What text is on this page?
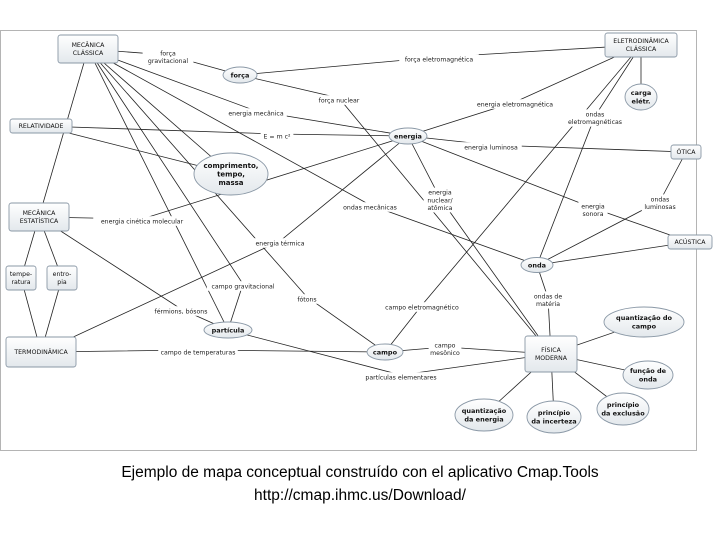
força
gravitacional	força eletromagnética
força nuclear
energia eletromagnética
energia mecânica	ondas
eletromagnéticas
E = m c²
energia luminosa
energia
nuclear/
atômica
ondas mecânicas	energia
sonora
ondas
luminosas
energia cinética molecular
energia térmica
campo gravitacional
fótons	ondas de
matéria
férmions, bósons
campo eletromagnético
campo de temperaturas
campo
mesônico
partículas elementares
MECÂNICA
CLÁSSICA
ELETRODINÂMICA
CLÁSSICA
força
RELATIVIDADE
energia
carga
elétr.
ÓTICA
comprimento,
tempo,
massa
MECÂNICA
ESTATÍSTICA
ACÚSTICA
tempe-
ratura
entro-
pia
onda
partícula
TERMODINÂMICA	campo	FÍSICA
MODERNA
quantização do
campo
função de
onda
quantização
da energia
princípio
da incerteza
princípio
da exclusão
Ejemplo de mapa conceptual construído con el aplicativo Cmap.Tools
http://cmap.ihmc.us/Download/
